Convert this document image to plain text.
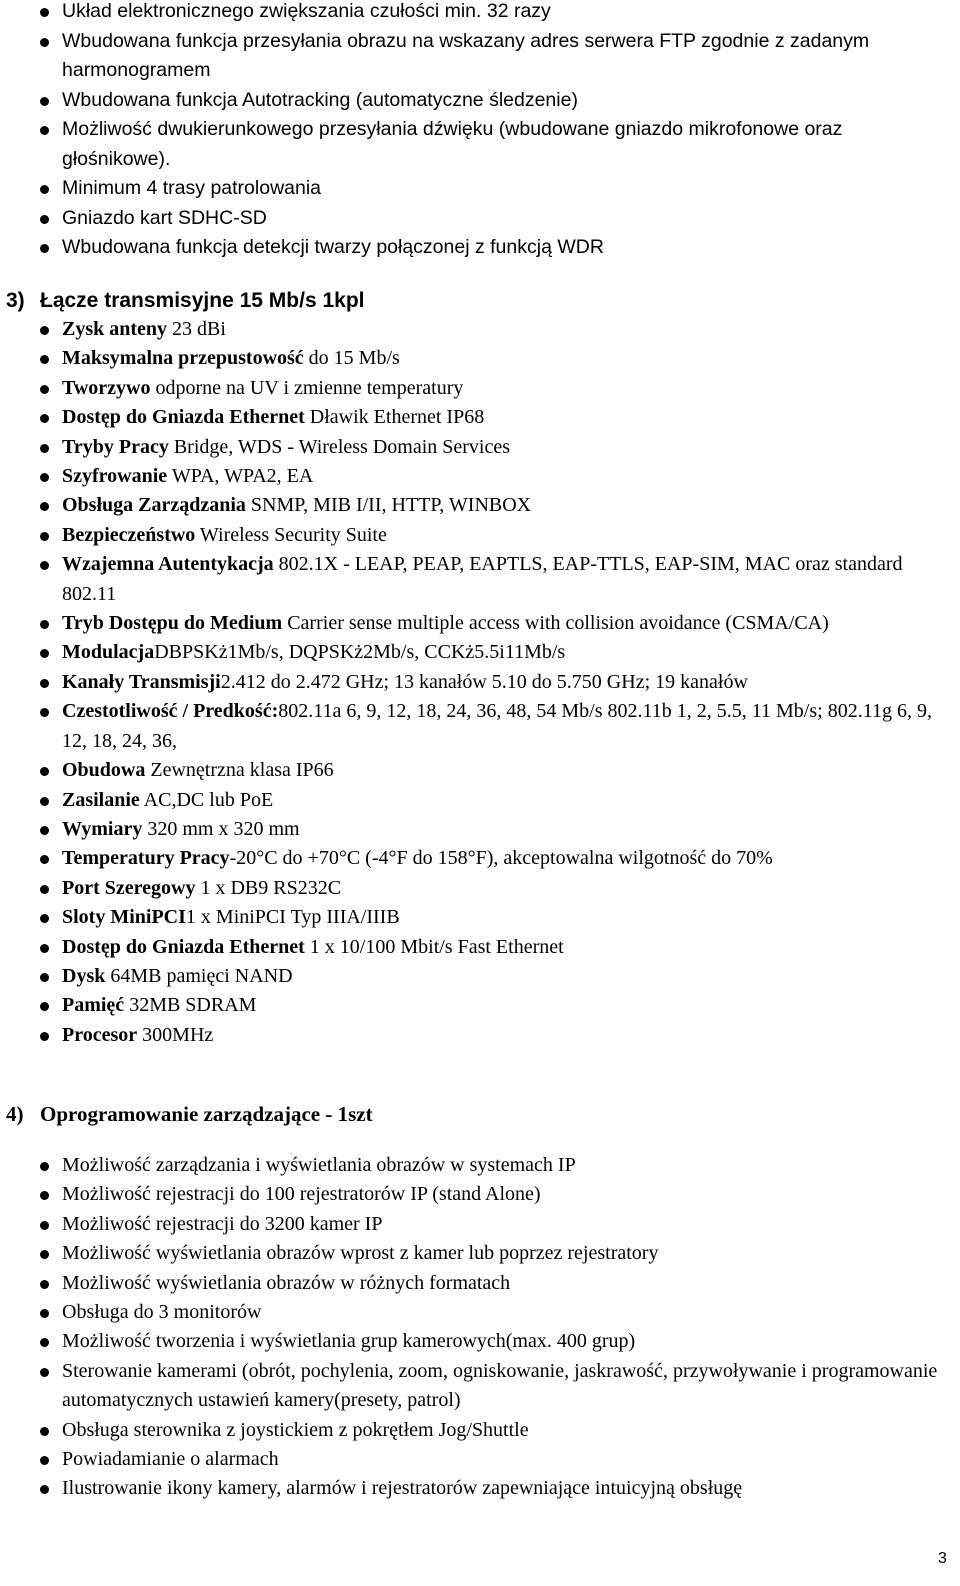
Układ elektronicznego zwiększania czułości min. 32 razy
Wbudowana funkcja przesyłania obrazu na wskazany adres serwera FTP zgodnie z zadanym harmonogramem
Wbudowana funkcja Autotracking (automatyczne śledzenie)
Możliwość dwukierunkowego przesyłania dźwięku (wbudowane gniazdo mikrofonowe oraz głośnikowe).
Minimum 4 trasy patrolowania
Gniazdo kart SDHC-SD
Wbudowana funkcja detekcji twarzy połączonej z funkcją WDR
3) Łącze transmisyjne 15 Mb/s 1kpl
Zysk anteny 23 dBi
Maksymalna przepustowość do 15 Mb/s
Tworzywo odporne na UV i zmienne temperatury
Dostęp do Gniazda Ethernet Dławik Ethernet IP68
Tryby Pracy Bridge, WDS - Wireless Domain Services
Szyfrowanie WPA, WPA2, EA
Obsługa Zarządzania SNMP, MIB I/II, HTTP, WINBOX
Bezpieczeństwo Wireless Security Suite
Wzajemna Autentykacja 802.1X - LEAP, PEAP, EAPTLS, EAP-TTLS, EAP-SIM, MAC oraz standard 802.11
Tryb Dostępu do Medium Carrier sense multiple access with collision avoidance (CSMA/CA)
ModulacjaDBPSKż1Mb/s, DQPSKż2Mb/s, CCKż5.5i11Mb/s
Kanały Transmisji2.412 do 2.472 GHz; 13 kanałów 5.10 do 5.750 GHz; 19 kanałów
Czestotliwość / Predkość:802.11a 6, 9, 12, 18, 24, 36, 48, 54 Mb/s 802.11b 1, 2, 5.5, 11 Mb/s; 802.11g 6, 9, 12, 18, 24, 36,
Obudowa Zewnętrzna klasa IP66
Zasilanie AC,DC lub PoE
Wymiary 320 mm x 320 mm
Temperatury Pracy-20°C do +70°C (-4°F do 158°F), akceptowalna wilgotność do 70%
Port Szeregowy 1 x DB9 RS232C
Sloty MiniPCI1 x MiniPCI Typ IIIA/IIIB
Dostęp do Gniazda Ethernet 1 x 10/100 Mbit/s Fast Ethernet
Dysk 64MB pamięci NAND
Pamięć 32MB SDRAM
Procesor 300MHz
4) Oprogramowanie zarządzające - 1szt
Możliwość zarządzania i wyświetlania obrazów w systemach IP
Możliwość rejestracji do 100 rejestratorów IP (stand Alone)
Możliwość rejestracji do 3200 kamer IP
Możliwość wyświetlania obrazów wprost z kamer lub poprzez rejestratory
Możliwość wyświetlania obrazów w różnych formatach
Obsługa do 3 monitorów
Możliwość tworzenia i wyświetlania grup kamerowych(max. 400 grup)
Sterowanie kamerami (obrót, pochylenia, zoom, ogniskowanie, jaskrawość, przywoływanie i programowanie automatycznych ustawień kamery(presety, patrol)
Obsługa sterownika z joystickiem z pokrętłem Jog/Shuttle
Powiadamianie o alarmach
Ilustrowanie ikony kamery, alarmów i rejestratorów zapewniające intuicyjną obsługę
3
